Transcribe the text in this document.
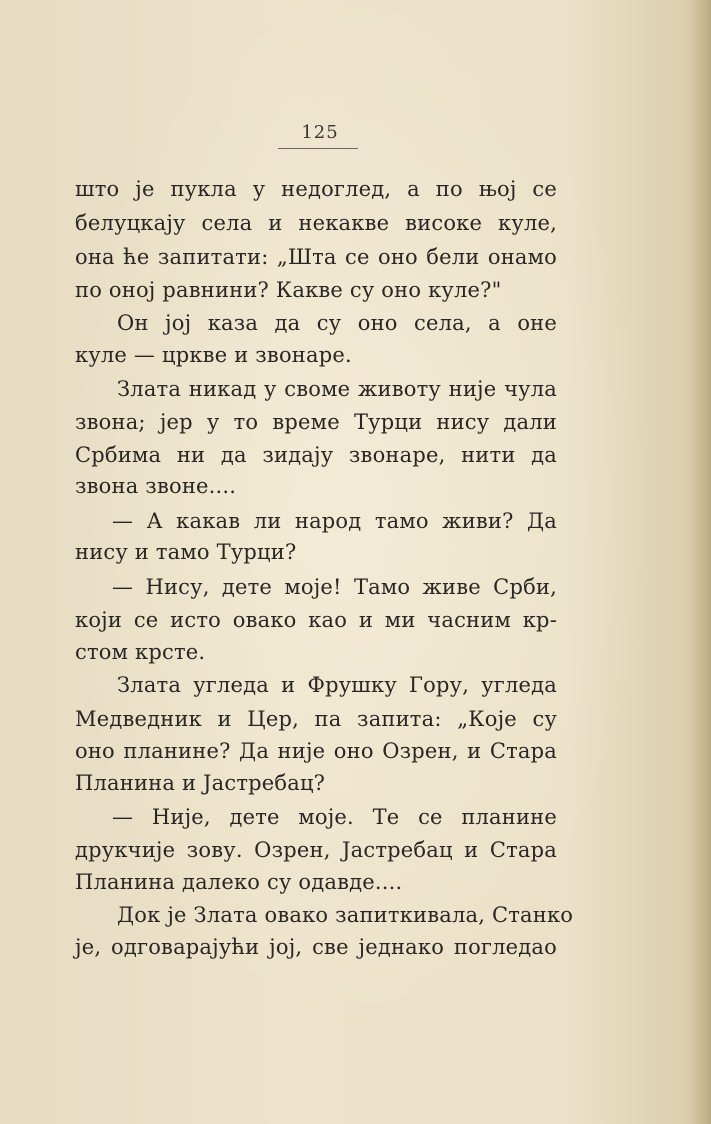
125
што је пукла у недоглед, а по њој се
белуцкају села и некакве високе куле,
она ће запитати: „Шта се оно бели онамо
по оној равнини? Какве су оно куле?"
Он јој каза да су оно села, а оне
куле — цркве и звонаре.
Злата никад у своме животу није чула
звона; јер у то време Турци нису дали
Србима ни да зидају звонаре, нити да
звона звоне....
— А какав ли народ тамо живи? Да
нису и тамо Турци?
— Нису, дете моје! Тамо живе Срби,
који се исто овако као и ми часним кр-
стом крсте.
Злата угледа и Фрушку Гору, угледа
Медведник и Цер, па запита: „Које су
оно планине? Да није оно Озрен, и Стара
Планина и Јастребац?
— Није, дете моје. Те се планине
друкчије зову. Озрен, Јастребац и Стара
Планина далеко су одавде....
Док је Злата овако запиткивала, Станко
је, одговарајући јој, све једнако погледао
